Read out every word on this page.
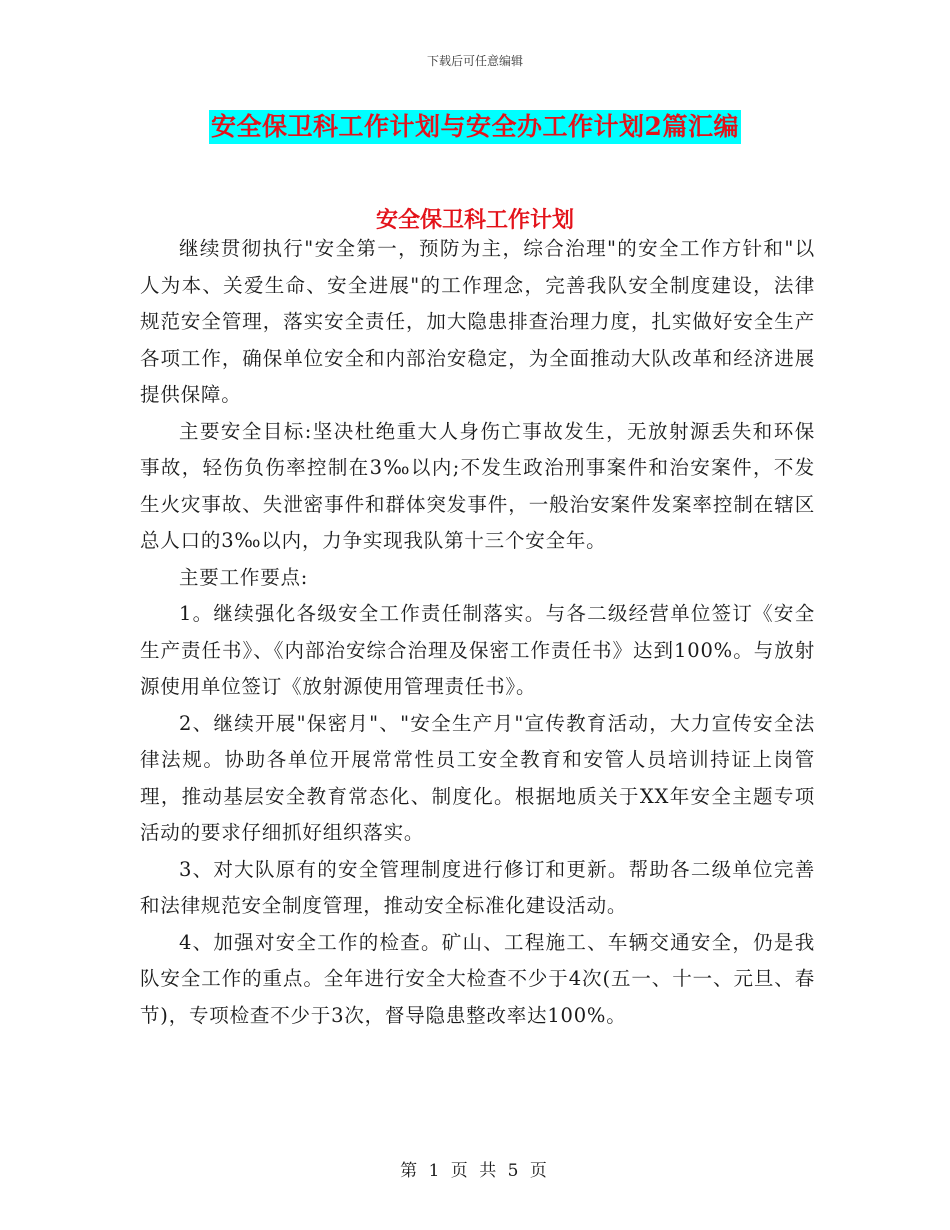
下载后可任意编辑
安全保卫科工作计划与安全办工作计划2篇汇编
安全保卫科工作计划

继续贯彻执行"安全第一，预防为主，综合治理"的安全工作方针和"以人为本、关爱生命、安全进展"的工作理念，完善我队安全制度建设，法律规范安全管理，落实安全责任，加大隐患排查治理力度，扎实做好安全生产各项工作，确保单位安全和内部治安稳定，为全面推动大队改革和经济进展提供保障。

主要安全目标:坚决杜绝重大人身伤亡事故发生，无放射源丢失和环保事故，轻伤负伤率控制在3‰以内;不发生政治刑事案件和治安案件，不发生火灾事故、失泄密事件和群体突发事件，一般治安案件发案率控制在辖区总人口的3‰以内，力争实现我队第十三个安全年。

主要工作要点:

1。继续强化各级安全工作责任制落实。与各二级经营单位签订《安全生产责任书》、《内部治安综合治理及保密工作责任书》达到100%。与放射源使用单位签订《放射源使用管理责任书》。

2、继续开展"保密月"、"安全生产月"宣传教育活动，大力宣传安全法律法规。协助各单位开展常常性员工安全教育和安管人员培训持证上岗管理，推动基层安全教育常态化、制度化。根据地质关于XX年安全主题专项活动的要求仔细抓好组织落实。

3、对大队原有的安全管理制度进行修订和更新。帮助各二级单位完善和法律规范安全制度管理，推动安全标准化建设活动。

4、加强对安全工作的检查。矿山、工程施工、车辆交通安全，仍是我队安全工作的重点。全年进行安全大检查不少于4次(五一、十一、元旦、春节)，专项检查不少于3次，督导隐患整改率达100%。

第 1 页 共 5 页
